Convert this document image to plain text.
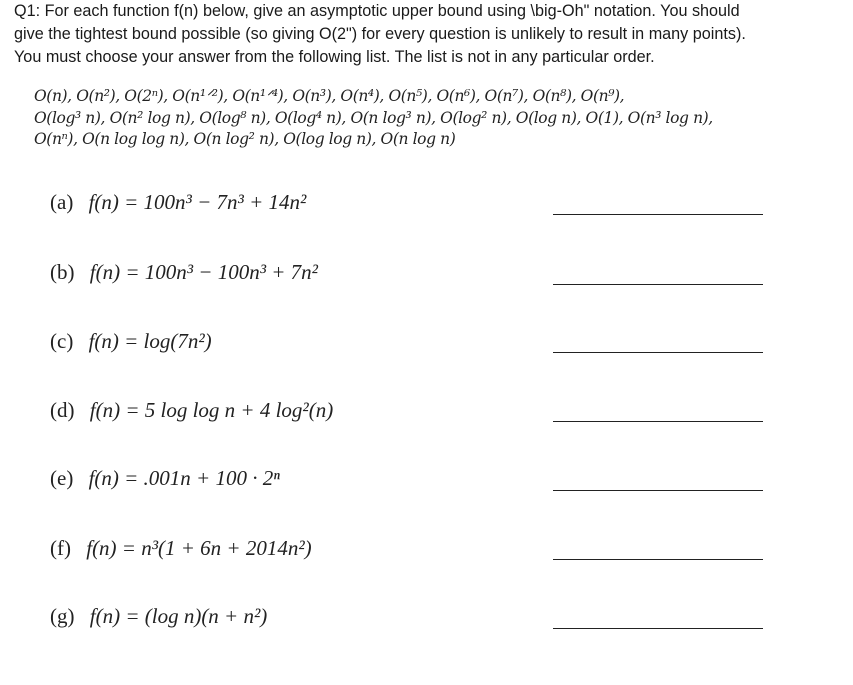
Q1: For each function f(n) below, give an asymptotic upper bound using \big-Oh" notation. You should
give the tightest bound possible (so giving O(2") for every question is unlikely to result in many points).
You must choose your answer from the following list. The list is not in any particular order.
O(n), O(n²), O(2ⁿ), O(n¹ᐟ²), O(n¹ᐟ⁴), O(n³), O(n⁴), O(n⁵), O(n⁶), O(n⁷), O(n⁸), O(n⁹),
O(log³ n), O(n² log n), O(log⁸ n), O(log⁴ n), O(n log³ n), O(log² n), O(log n), O(1), O(n³ log n),
O(nⁿ), O(n log log n), O(n log² n), O(log log n), O(n log n)
(a) f(n) = 100n³ − 7n³ + 14n²
(b) f(n) = 100n³ − 100n³ + 7n²
(c) f(n) = log(7n²)
(d) f(n) = 5 log log n + 4 log²(n)
(e) f(n) = .001n + 100 · 2ⁿ
(f) f(n) = n³(1 + 6n + 2014n²)
(g) f(n) = (log n)(n + n²)
